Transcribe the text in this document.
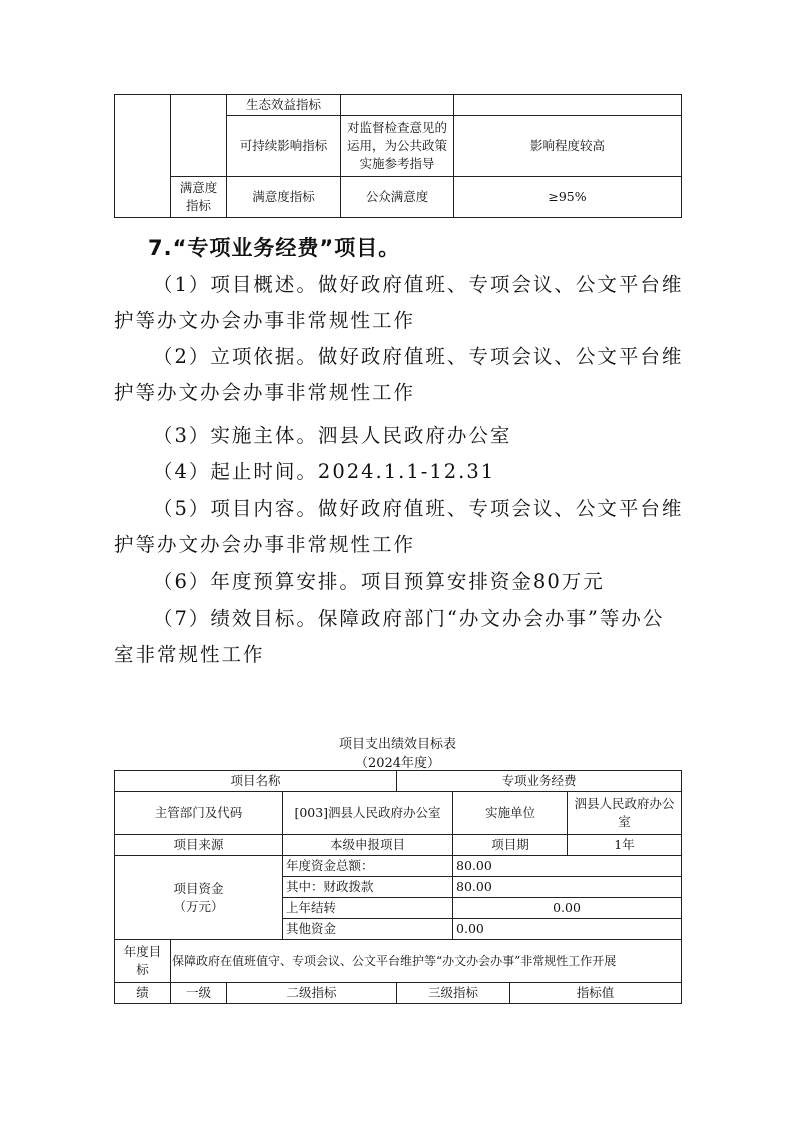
		生态效益指标		
		可持续影响指标	对监督检查意见的运用，为公共政策实施参考指导	影响程度较高
	满意度指标	满意度指标	公众满意度	≥95%
7.“专项业务经费”项目。

（1）项目概述。做好政府值班、专项会议、公文平台维护等办文办会办事非常规性工作

（2）立项依据。做好政府值班、专项会议、公文平台维护等办文办会办事非常规性工作

（3）实施主体。泗县人民政府办公室

（4）起止时间。2024.1.1-12.31

（5）项目内容。做好政府值班、专项会议、公文平台维护等办文办会办事非常规性工作

（6）年度预算安排。项目预算安排资金80万元

（7）绩效目标。保障政府部门“办文办会办事”等办公室非常规性工作

项目支出绩效目标表
（2024年度）
项目名称				专项业务经费			
主管部门及代码			[003]泗县人民政府办公室		实施单位		泗县人民政府办公室
项目来源			本级申报项目		项目期		1年

项目资金
（万元）			年度资金总额：		80.00		
			其中：财政拨款		80.00		
			上年结转		0.00		
			其他资金		0.00		
年度目标	保障政府在值班值守、专项会议、公文平台维护等“办文办会办事”非常规性工作开展						
绩	一级	二级指标		三级指标		指标值	
